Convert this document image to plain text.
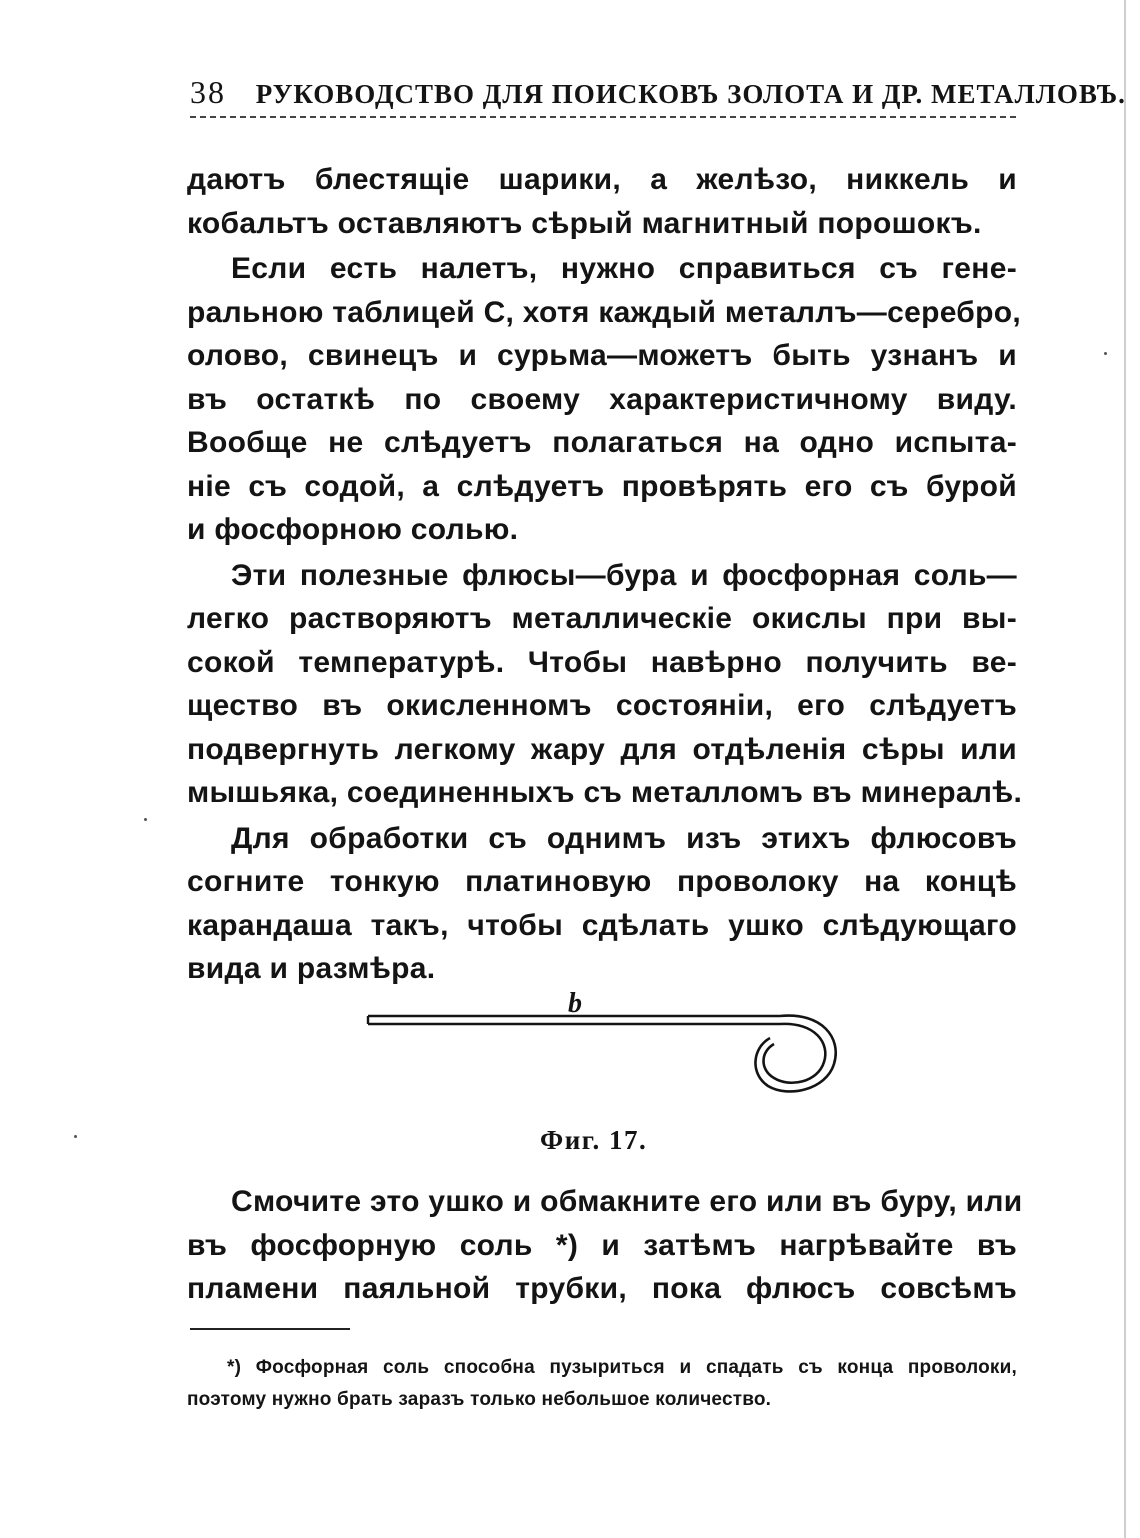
38 РУКОВОДСТВО ДЛЯ ПОИСКОВЪ ЗОЛОТА И ДР. МЕТАЛЛОВЪ.
даютъ блестящіе шарики, а желѣзо, никкель и
кобальтъ оставляютъ сѣрый магнитный порошокъ.
Если есть налетъ, нужно справиться съ гене-
ральною таблицей C, хотя каждый металлъ—серебро,
олово, свинецъ и сурьма—можетъ быть узнанъ и
въ остаткѣ по своему характеристичному виду.
Вообще не слѣдуетъ полагаться на одно испыта-
ніе съ содой, а слѣдуетъ провѣрять его съ бурой
и фосфорною солью.
Эти полезные флюсы—бура и фосфорная соль—
легко растворяютъ металлическіе окислы при вы-
сокой температурѣ. Чтобы навѣрно получить ве-
щество въ окисленномъ состояніи, его слѣдуетъ
подвергнуть легкому жару для отдѣленія сѣры или
мышьяка, соединенныхъ съ металломъ въ минералѣ.
Для обработки съ однимъ изъ этихъ флюсовъ
согните тонкую платиновую проволоку на концѣ
карандаша такъ, чтобы сдѣлать ушко слѣдующаго
вида и размѣра.
b
Фиг. 17.
Смочите это ушко и обмакните его или въ буру, или
въ фосфорную соль *) и затѣмъ нагрѣвайте въ
пламени паяльной трубки, пока флюсъ совсѣмъ
*) Фосфорная соль способна пузыриться и спадать съ конца проволоки,
поэтому нужно брать заразъ только небольшое количество.
